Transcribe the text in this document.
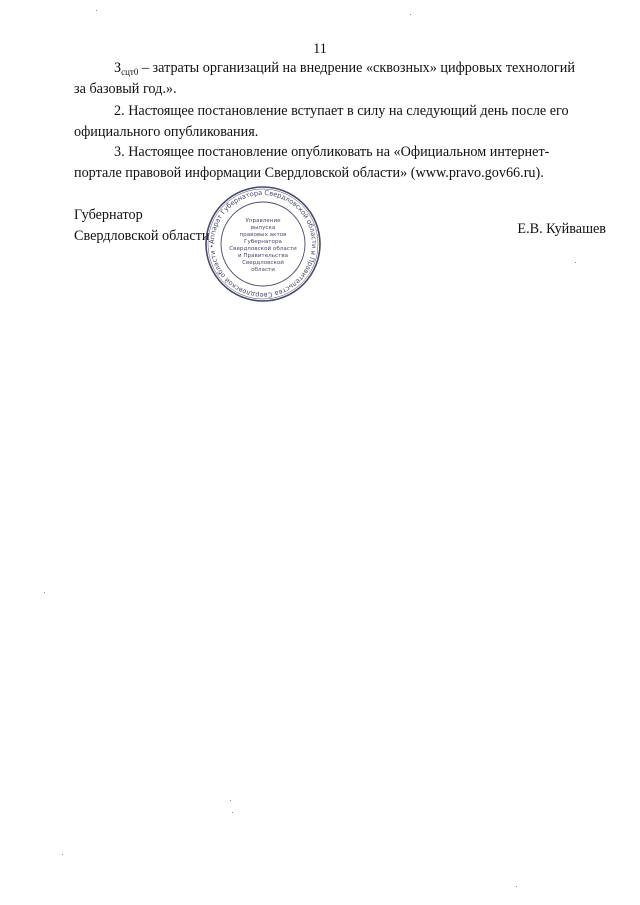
11
$З_{сцт0}$ – затраты организаций на внедрение «сквозных» цифровых технологий
за базовый год.».
2. Настоящее постановление вступает в силу на следующий день после его
официального опубликования.
3. Настоящее постановление опубликовать на «Официальном интернет-
портале правовой информации Свердловской области» (www.pravo.gov66.ru).
Губернатор
Свердловской области	Е.В. Куйвашев
Аппарат Губернатора Свердловской области и Правительства Свердловской области •
Управление
выпуска
правовых актов
Губернатора
Свердловской области
и Правительства
Свердловской
области
